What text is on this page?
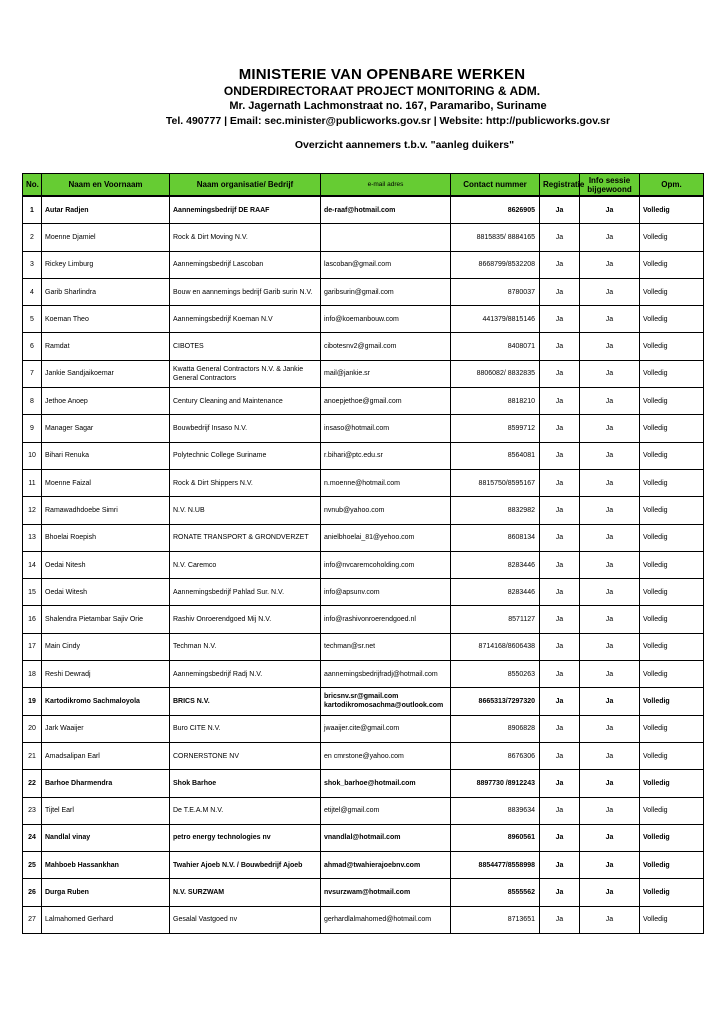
MINISTERIE VAN OPENBARE WERKEN
ONDERDIRECTORAAT PROJECT MONITORING & ADM.
Mr. Jagernath Lachmonstraat no. 167, Paramaribo, Suriname
Tel. 490777 | Email: sec.minister@publicworks.gov.sr | Website: http://publicworks.gov.sr
Overzicht aannemers t.b.v. "aanleg duikers"
No.	Naam en Voornaam	Naam organisatie/ Bedrijf	e-mail adres	Contact nummer	Registratie	Info sessie bijgewoond	Opm.
1	Autar Radjen	Aannemingsbedrijf DE RAAF	de-raaf@hotmail.com	8626905	Ja	Ja	Volledig
2	Moenne Djamiel	Rock & Dirt Moving N.V.		8815835/ 8884165	Ja	Ja	Volledig
3	Rickey Limburg	Aannemingsbedrijf Lascoban	lascoban@gmail.com	8668799/8532208	Ja	Ja	Volledig
4	Garib Sharlindra	Bouw en aannemings bedrijf Garib surin N.V.	garibsurin@gmail.com	8780037	Ja	Ja	Volledig
5	Koeman Theo	Aannemingsbedrijf Koeman N.V	info@koemanbouw.com	441379/8815146	Ja	Ja	Volledig
6	Ramdat	CIBOTES	cibotesnv2@gmail.com	8408071	Ja	Ja	Volledig
7	Jankie Sandjaikoemar	Kwatta General Contractors N.V. & Jankie General Contractors	mail@jankie.sr	8806082/ 8832835	Ja	Ja	Volledig
8	Jethoe Anoep	Century Cleaning and Maintenance	anoepjethoe@gmail.com	8818210	Ja	Ja	Volledig
9	Manager Sagar	Bouwbedrijf Insaso N.V.	insaso@hotmail.com	8599712	Ja	Ja	Volledig
10	Bihari Renuka	Polytechnic College Suriname	r.bihari@ptc.edu.sr	8564081	Ja	Ja	Volledig
11	Moenne Faizal	Rock & Dirt Shippers N.V.	n.moenne@hotmail.com	8815750/8595167	Ja	Ja	Volledig
12	Ramawadhdoebe Simri	N.V. N.UB	nvnub@yahoo.com	8832982	Ja	Ja	Volledig
13	Bhoelai Roepish	RONATE TRANSPORT & GRONDVERZET	anielbhoelai_81@yehoo.com	8608134	Ja	Ja	Volledig
14	Oedai Nitesh	N.V. Caremco	info@nvcaremcoholding.com	8283446	Ja	Ja	Volledig
15	Oedai Witesh	Aannemingsbedrijf Pahlad Sur. N.V.	info@apsunv.com	8283446	Ja	Ja	Volledig
16	Shalendra Pietambar Sajiv Orie	Rashiv Onroerendgoed Mij N.V.	info@rashivonroerendgoed.nl	8571127	Ja	Ja	Volledig
17	Main Cindy	Techman N.V.	techman@sr.net	8714168/8606438	Ja	Ja	Volledig
18	Reshi Dewradj	Aannemingsbedrijf Radj N.V.	aannemingsbedrijfradj@hotmail.com	8550263	Ja	Ja	Volledig
19	Kartodikromo Sachmaloyola	BRICS N.V.	bricsnv.sr@gmail.com kartodikromosachma@outlook.com	8665313/7297320	Ja	Ja	Volledig
20	Jark Waaijer	Buro CITE N.V.	jwaaijer.cite@gmail.com	8906828	Ja	Ja	Volledig
21	Amadsalipan Earl	CORNERSTONE NV	en cmrstone@yahoo.com	8676306	Ja	Ja	Volledig
22	Barhoe Dharmendra	Shok Barhoe	shok_barhoe@hotmail.com	8897730 /8912243	Ja	Ja	Volledig
23	Tijtel Earl	De T.E.A.M N.V.	etijtel@gmail.com	8839634	Ja	Ja	Volledig
24	Nandlal vinay	petro energy technologies nv	vnandlal@hotmail.com	8960561	Ja	Ja	Volledig
25	Mahboeb Hassankhan	Twahier Ajoeb N.V. / Bouwbedrijf Ajoeb	ahmad@twahierajoebnv.com	8854477/8558998	Ja	Ja	Volledig
26	Durga Ruben	N.V. SURZWAM	nvsurzwam@hotmail.com	8555562	Ja	Ja	Volledig
27	Lalmahomed Gerhard	Gesalal Vastgoed nv	gerhardlalmahomed@hotmail.com	8713651	Ja	Ja	Volledig
